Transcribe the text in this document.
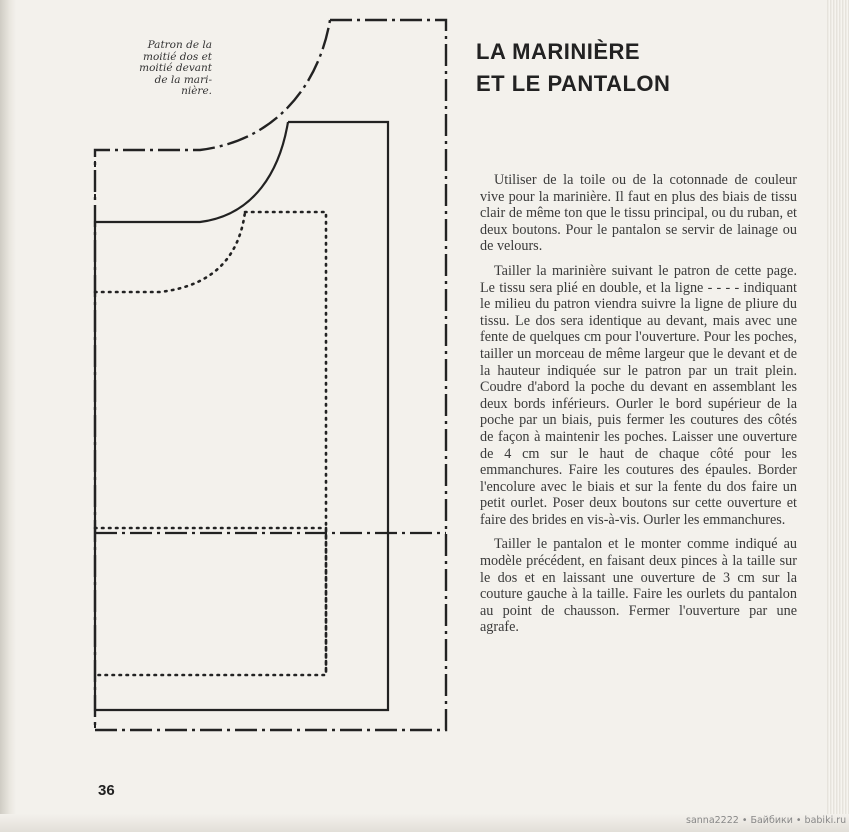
Patron de la
moitié dos et
moitié devant
de la mari-
nière.
LA MARINIÈRE
ET LE PANTALON

Utiliser de la toile ou de la cotonnade de couleur vive pour la marinière. Il faut en plus des biais de tissu clair de même ton que le tissu principal, ou du ruban, et deux boutons. Pour le pantalon se servir de lainage ou de velours.

Tailler la marinière suivant le patron de cette page. Le tissu sera plié en double, et la ligne - - - - indiquant le milieu du patron viendra suivre la ligne de pliure du tissu. Le dos sera identique au devant, mais avec une fente de quelques cm pour l'ouverture. Pour les poches, tailler un morceau de même largeur que le devant et de la hauteur indiquée sur le patron par un trait plein. Coudre d'abord la poche du devant en assemblant les deux bords inférieurs. Ourler le bord supérieur de la poche par un biais, puis fermer les coutures des côtés de façon à maintenir les poches. Laisser une ouverture de 4 cm sur le haut de chaque côté pour les emmanchures. Faire les coutures des épaules. Border l'encolure avec le biais et sur la fente du dos faire un petit ourlet. Poser deux boutons sur cette ouverture et faire des brides en vis-à-vis. Ourler les emmanchures.

Tailler le pantalon et le monter comme indiqué au modèle précédent, en faisant deux pinces à la taille sur le dos et en laissant une ouverture de 3 cm sur la couture gauche à la taille. Faire les ourlets du pantalon au point de chausson. Fermer l'ouverture par une agrafe.

36
sanna2222 • Байбики • babiki.ru
